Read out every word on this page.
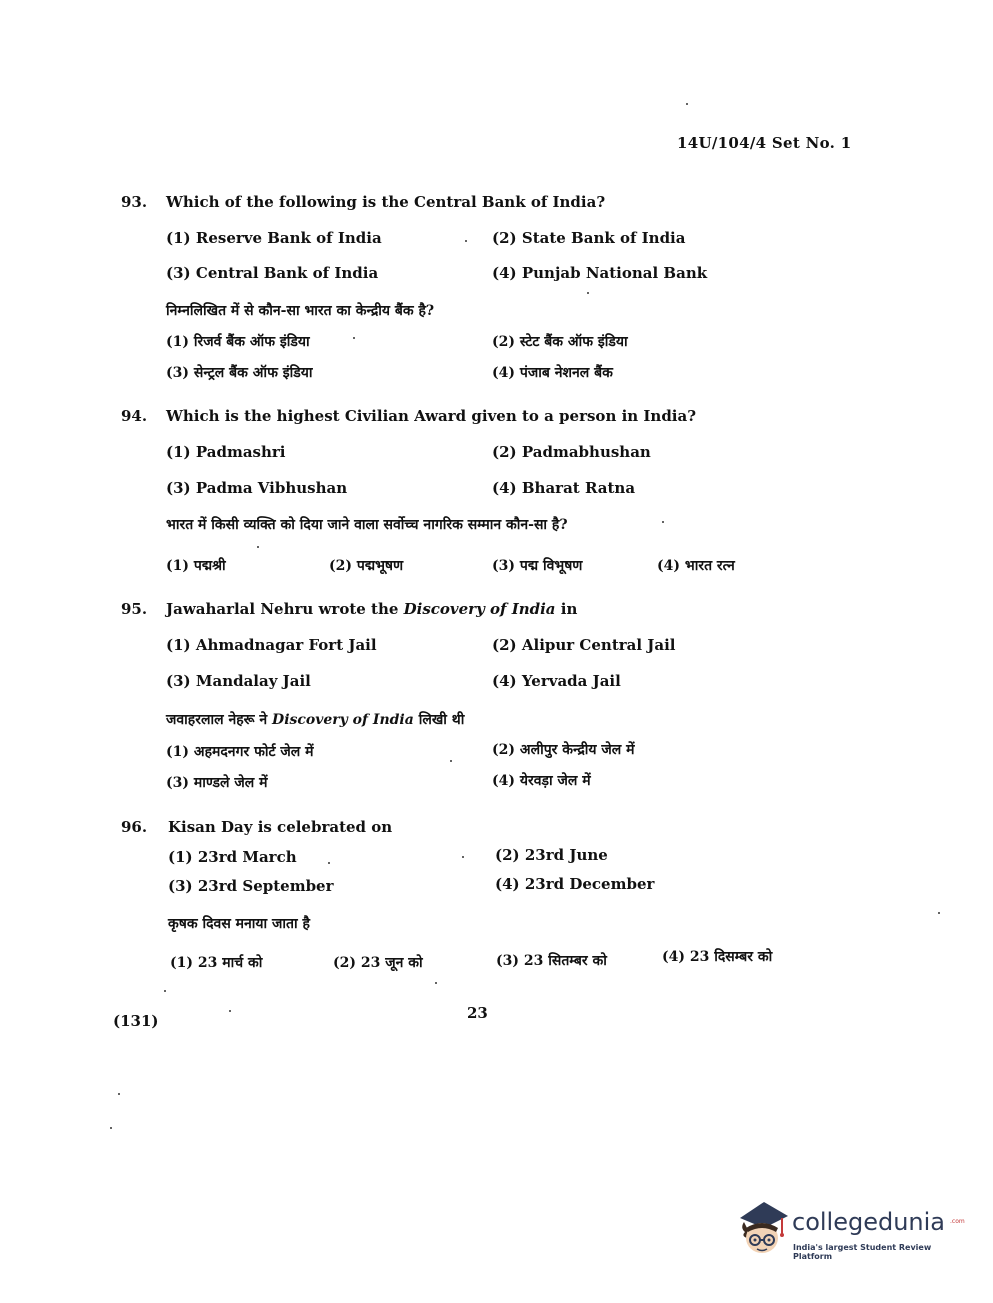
14U/104/4 Set No. 1
93. Which of the following is the Central Bank of India?
(1) Reserve Bank of India	(2) State Bank of India
(3) Central Bank of India	(4) Punjab National Bank
निम्नलिखित में से कौन-सा भारत का केन्द्रीय बैंक है?
(1) रिजर्व बैंक ऑफ इंडिया	(2) स्टेट बैंक ऑफ इंडिया
(3) सेन्ट्रल बैंक ऑफ इंडिया	(4) पंजाब नेशनल बैंक
94. Which is the highest Civilian Award given to a person in India?
(1) Padmashri	(2) Padmabhushan
(3) Padma Vibhushan	(4) Bharat Ratna
भारत में किसी व्यक्ति को दिया जाने वाला सर्वोच्च नागरिक सम्मान कौन-सा है?
(1) पद्मश्री	(2) पद्मभूषण	(3) पद्म विभूषण	(4) भारत रत्न
95. Jawaharlal Nehru wrote the Discovery of India in
(1) Ahmadnagar Fort Jail	(2) Alipur Central Jail
(3) Mandalay Jail	(4) Yervada Jail
जवाहरलाल नेहरू ने Discovery of India लिखी थी
(1) अहमदनगर फोर्ट जेल में	(2) अलीपुर केन्द्रीय जेल में
(3) माण्डले जेल में	(4) येरवड़ा जेल में
96. Kisan Day is celebrated on
(1) 23rd March	(2) 23rd June
(3) 23rd September	(4) 23rd December
कृषक दिवस मनाया जाता है
(1) 23 मार्च को	(2) 23 जून को	(3) 23 सितम्बर को	(4) 23 दिसम्बर को
(131)	23
collegedunia .com
India's largest Student Review Platform
